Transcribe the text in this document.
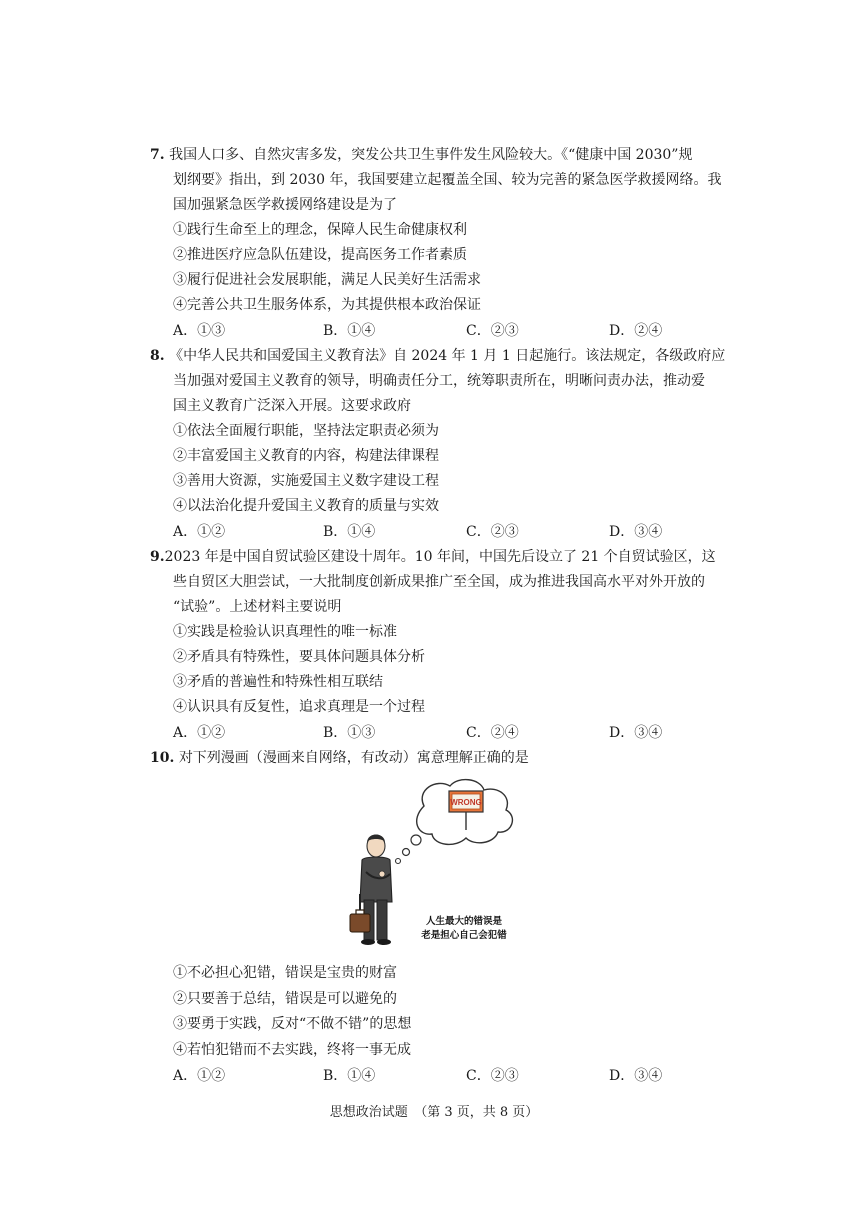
7. 我国人口多、自然灾害多发，突发公共卫生事件发生风险较大。《“健康中国 2030”规
划纲要》指出，到 2030 年，我国要建立起覆盖全国、较为完善的紧急医学救援网络。我
国加强紧急医学救援网络建设是为了
①践行生命至上的理念，保障人民生命健康权利
②推进医疗应急队伍建设，提高医务工作者素质
③履行促进社会发展职能，满足人民美好生活需求
④完善公共卫生服务体系，为其提供根本政治保证
A．①③	B．①④	C．②③	D．②④
8. 《中华人民共和国爱国主义教育法》自 2024 年 1 月 1 日起施行。该法规定，各级政府应
当加强对爱国主义教育的领导，明确责任分工，统筹职责所在，明晰问责办法，推动爱
国主义教育广泛深入开展。这要求政府
①依法全面履行职能，坚持法定职责必须为
②丰富爱国主义教育的内容，构建法律课程
③善用大资源，实施爱国主义数字建设工程
④以法治化提升爱国主义教育的质量与实效
A．①②	B．①④	C．②③	D．③④
9.2023 年是中国自贸试验区建设十周年。10 年间，中国先后设立了 21 个自贸试验区，这
些自贸区大胆尝试，一大批制度创新成果推广至全国，成为推进我国高水平对外开放的
“试验”。上述材料主要说明
①实践是检验认识真理性的唯一标准
②矛盾具有特殊性，要具体问题具体分析
③矛盾的普遍性和特殊性相互联结
④认识具有反复性，追求真理是一个过程
A．①②	B．①③	C．②④	D．③④
10. 对下列漫画（漫画来自网络，有改动）寓意理解正确的是
WRONG
人生最大的错误是
老是担心自己会犯错
①不必担心犯错，错误是宝贵的财富
②只要善于总结，错误是可以避免的
③要勇于实践，反对“不做不错”的思想
④若怕犯错而不去实践，终将一事无成
A．①②	B．①④	C．②③	D．③④
思想政治试题　（第 3 页，共 8 页）
